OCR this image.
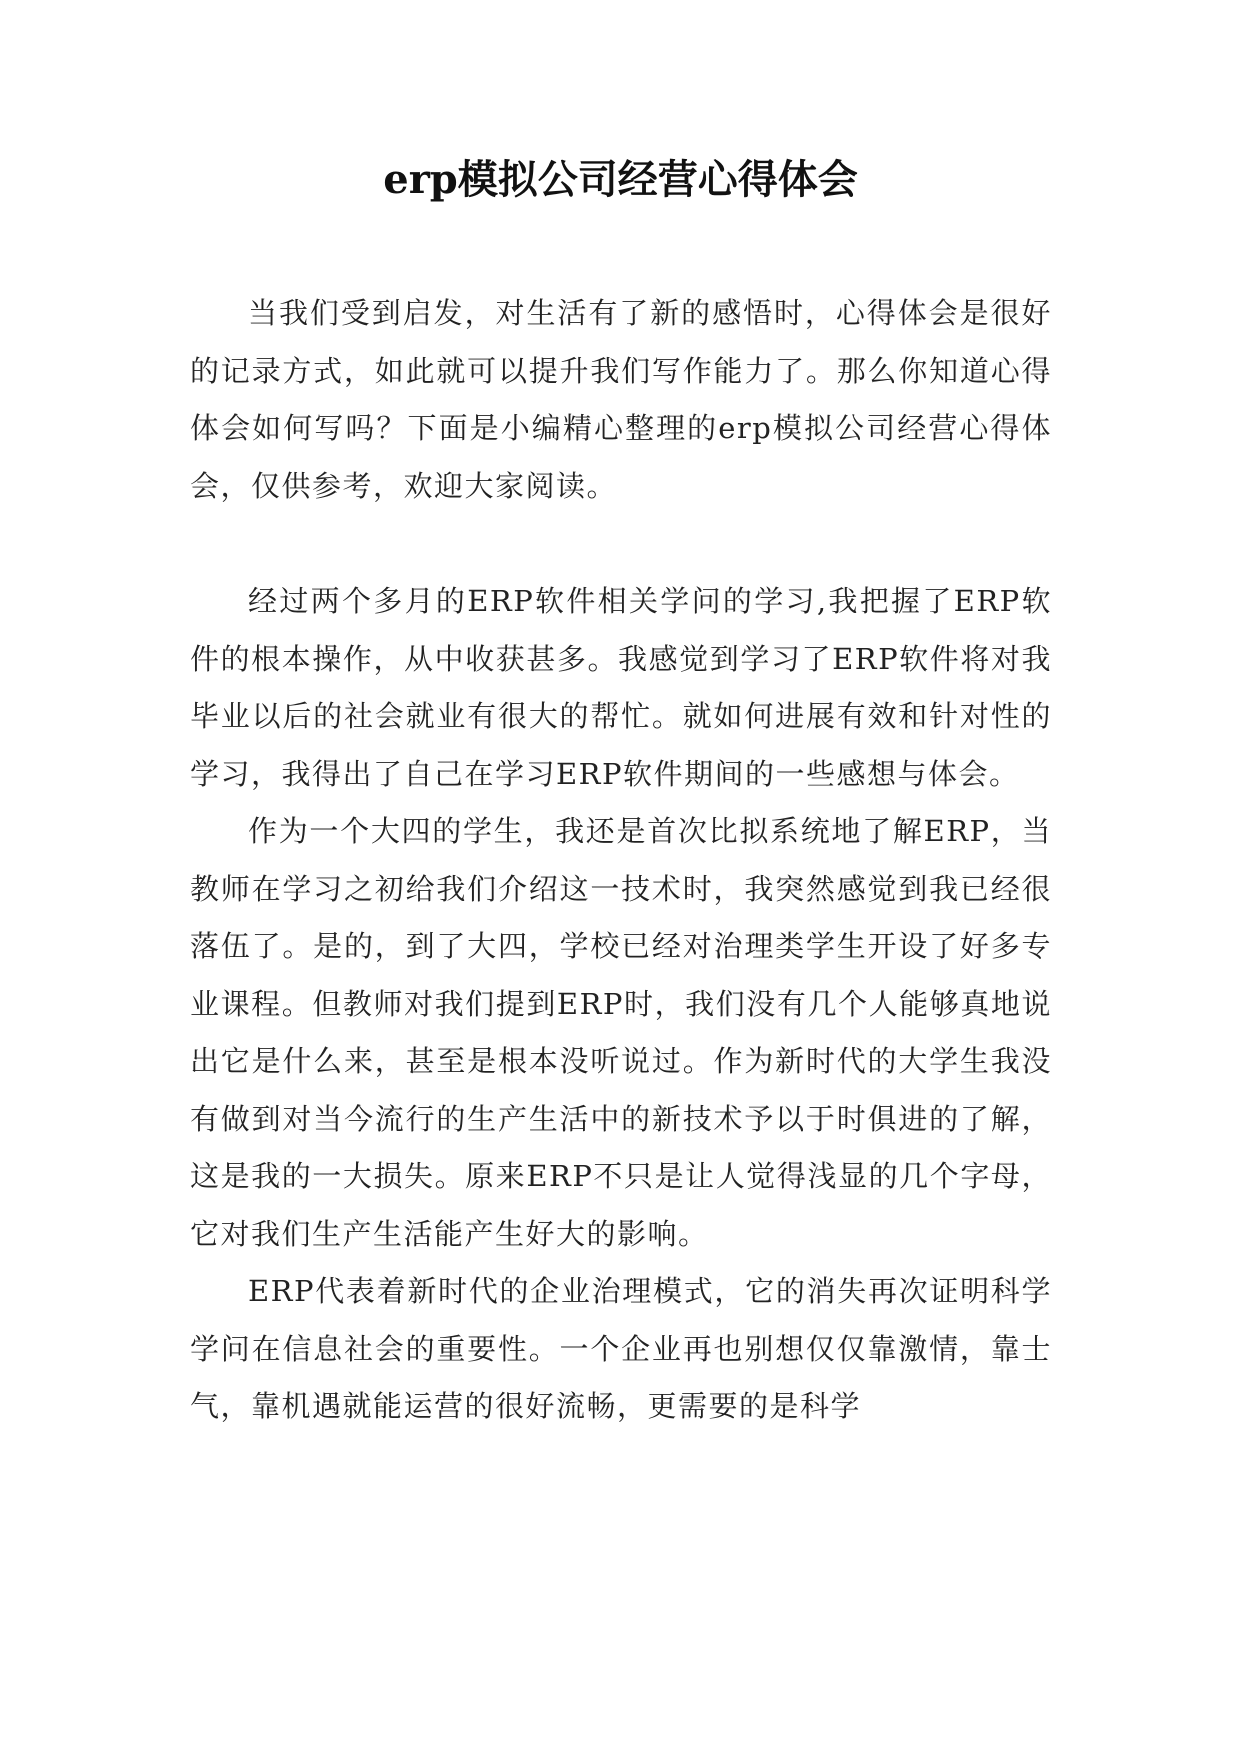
erp模拟公司经营心得体会

当我们受到启发，对生活有了新的感悟时，心得体会是很好的记录方式，如此就可以提升我们写作能力了。那么你知道心得体会如何写吗？下面是小编精心整理的erp模拟公司经营心得体会，仅供参考，欢迎大家阅读。

经过两个多月的ERP软件相关学问的学习,我把握了ERP软件的根本操作，从中收获甚多。我感觉到学习了ERP软件将对我毕业以后的社会就业有很大的帮忙。就如何进展有效和针对性的学习，我得出了自己在学习ERP软件期间的一些感想与体会。

作为一个大四的学生，我还是首次比拟系统地了解ERP，当教师在学习之初给我们介绍这一技术时，我突然感觉到我已经很落伍了。是的，到了大四，学校已经对治理类学生开设了好多专业课程。但教师对我们提到ERP时，我们没有几个人能够真地说出它是什么来，甚至是根本没听说过。作为新时代的大学生我没有做到对当今流行的生产生活中的新技术予以于时俱进的了解，这是我的一大损失。原来ERP不只是让人觉得浅显的几个字母，它对我们生产生活能产生好大的影响。

ERP代表着新时代的企业治理模式，它的消失再次证明科学学问在信息社会的重要性。一个企业再也别想仅仅靠激情，靠士气，靠机遇就能运营的很好流畅，更需要的是科学
